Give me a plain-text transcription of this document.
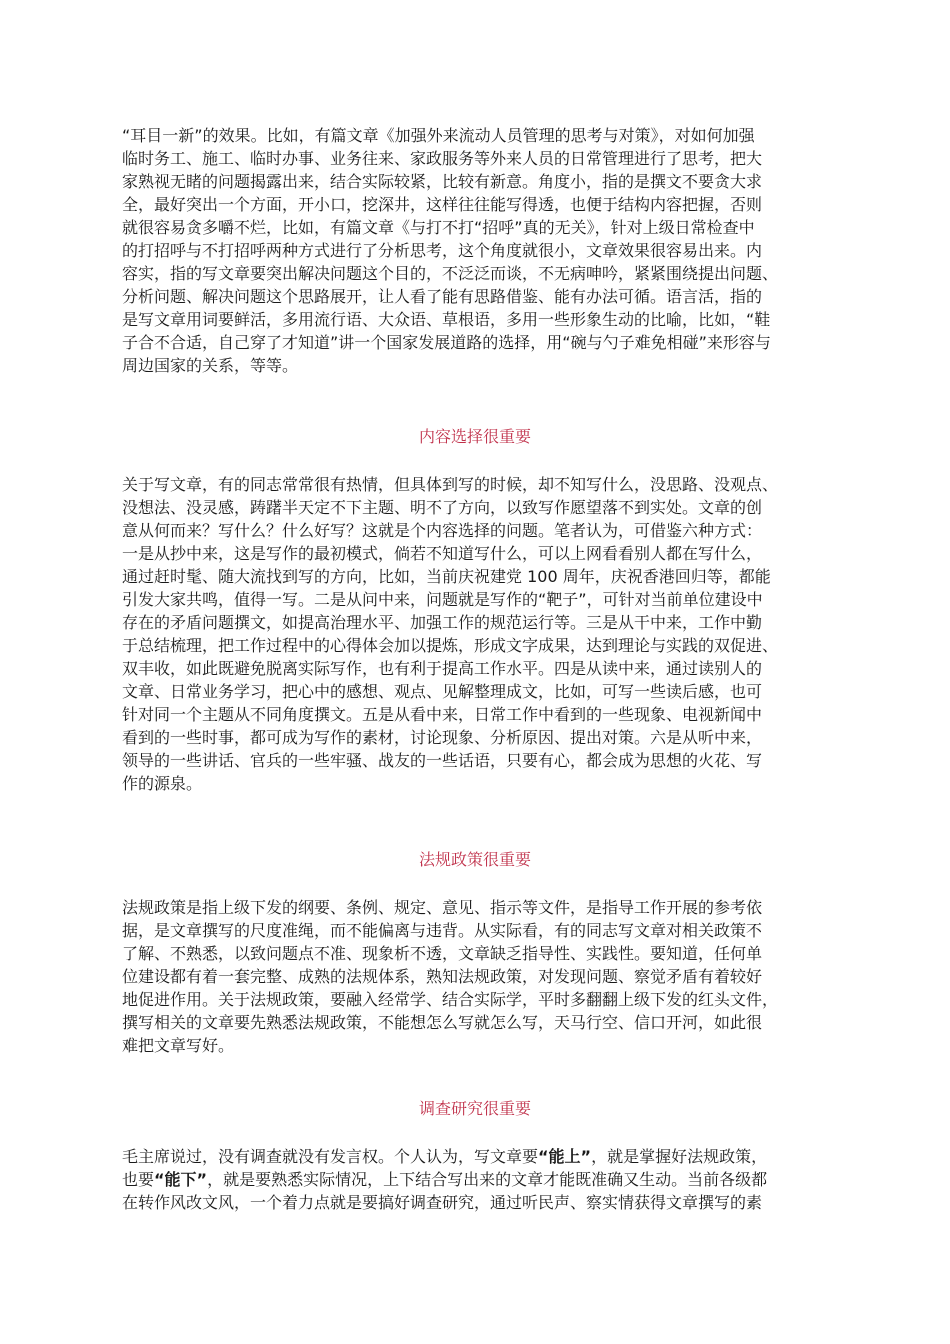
“耳目一新”的效果。比如，有篇文章《加强外来流动人员管理的思考与对策》，对如何加强
临时务工、施工、临时办事、业务往来、家政服务等外来人员的日常管理进行了思考，把大
家熟视无睹的问题揭露出来，结合实际较紧，比较有新意。角度小，指的是撰文不要贪大求
全，最好突出一个方面，开小口，挖深井，这样往往能写得透，也便于结构内容把握，否则
就很容易贪多嚼不烂，比如，有篇文章《与打不打“招呼”真的无关》，针对上级日常检查中
的打招呼与不打招呼两种方式进行了分析思考，这个角度就很小，文章效果很容易出来。内
容实，指的写文章要突出解决问题这个目的，不泛泛而谈，不无病呻吟，紧紧围绕提出问题、
分析问题、解决问题这个思路展开，让人看了能有思路借鉴、能有办法可循。语言活，指的
是写文章用词要鲜活，多用流行语、大众语、草根语，多用一些形象生动的比喻，比如，“鞋
子合不合适，自己穿了才知道”讲一个国家发展道路的选择，用“碗与勺子难免相碰”来形容与
周边国家的关系，等等。
内容选择很重要
关于写文章，有的同志常常很有热情，但具体到写的时候，却不知写什么，没思路、没观点、
没想法、没灵感，踌躇半天定不下主题、明不了方向，以致写作愿望落不到实处。文章的创
意从何而来？写什么？什么好写？这就是个内容选择的问题。笔者认为，可借鉴六种方式：
一是从抄中来，这是写作的最初模式，倘若不知道写什么，可以上网看看别人都在写什么，
通过赶时髦、随大流找到写的方向，比如，当前庆祝建党 100 周年，庆祝香港回归等，都能
引发大家共鸣，值得一写。二是从问中来，问题就是写作的“靶子”，可针对当前单位建设中
存在的矛盾问题撰文，如提高治理水平、加强工作的规范运行等。三是从干中来，工作中勤
于总结梳理，把工作过程中的心得体会加以提炼，形成文字成果，达到理论与实践的双促进、
双丰收，如此既避免脱离实际写作，也有利于提高工作水平。四是从读中来，通过读别人的
文章、日常业务学习，把心中的感想、观点、见解整理成文，比如，可写一些读后感，也可
针对同一个主题从不同角度撰文。五是从看中来，日常工作中看到的一些现象、电视新闻中
看到的一些时事，都可成为写作的素材，讨论现象、分析原因、提出对策。六是从听中来，
领导的一些讲话、官兵的一些牢骚、战友的一些话语，只要有心，都会成为思想的火花、写
作的源泉。
法规政策很重要
法规政策是指上级下发的纲要、条例、规定、意见、指示等文件，是指导工作开展的参考依
据，是文章撰写的尺度准绳，而不能偏离与违背。从实际看，有的同志写文章对相关政策不
了解、不熟悉，以致问题点不准、现象析不透，文章缺乏指导性、实践性。要知道，任何单
位建设都有着一套完整、成熟的法规体系，熟知法规政策，对发现问题、察觉矛盾有着较好
地促进作用。关于法规政策，要融入经常学、结合实际学，平时多翻翻上级下发的红头文件，
撰写相关的文章要先熟悉法规政策，不能想怎么写就怎么写，天马行空、信口开河，如此很
难把文章写好。
调查研究很重要
毛主席说过，没有调查就没有发言权。个人认为，写文章要“能上”，就是掌握好法规政策，
也要“能下”，就是要熟悉实际情况，上下结合写出来的文章才能既准确又生动。当前各级都
在转作风改文风，一个着力点就是要搞好调查研究，通过听民声、察实情获得文章撰写的素
